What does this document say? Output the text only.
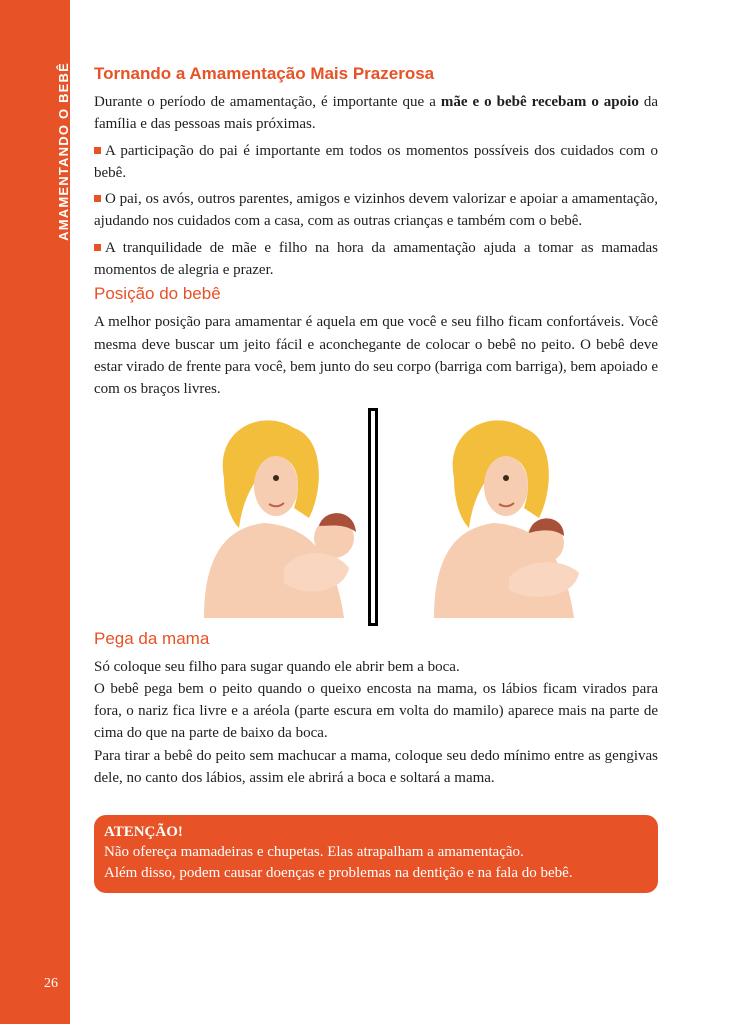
AMAMENTANDO O BEBÊ
26
Tornando a Amamentação Mais Prazerosa

Durante o período de amamentação, é importante que a mãe e o bebê recebam o apoio da família e das pessoas mais próximas.

A participação do pai é importante em todos os momentos possíveis dos cuidados com o bebê.

O pai, os avós, outros parentes, amigos e vizinhos devem valorizar e apoiar a amamentação, ajudando nos cuidados com a casa, com as outras crianças e também com o bebê.

A tranquilidade de mãe e filho na hora da amamentação ajuda a tomar as mamadas momentos de alegria e prazer.

Posição do bebê

A melhor posição para amamentar é aquela em que você e seu filho ficam confortáveis. Você mesma deve buscar um jeito fácil e aconchegante de colocar o bebê no peito. O bebê deve estar virado de frente para você, bem junto do seu corpo (barriga com barriga), bem apoiado e com os braços livres.

Pega da mama

Só coloque seu filho para sugar quando ele abrir bem a boca.

O bebê pega bem o peito quando o queixo encosta na mama, os lábios ficam virados para fora, o nariz fica livre e a aréola (parte escura em volta do mamilo) aparece mais na parte de cima do que na parte de baixo da boca.

Para tirar a bebê do peito sem machucar a mama, coloque seu dedo mínimo entre as gengivas dele, no canto dos lábios, assim ele abrirá a boca e soltará a mama.

ATENÇÃO!
Não ofereça mamadeiras e chupetas. Elas atrapalham a amamentação.
Além disso, podem causar doenças e problemas na dentição e na fala do bebê.
